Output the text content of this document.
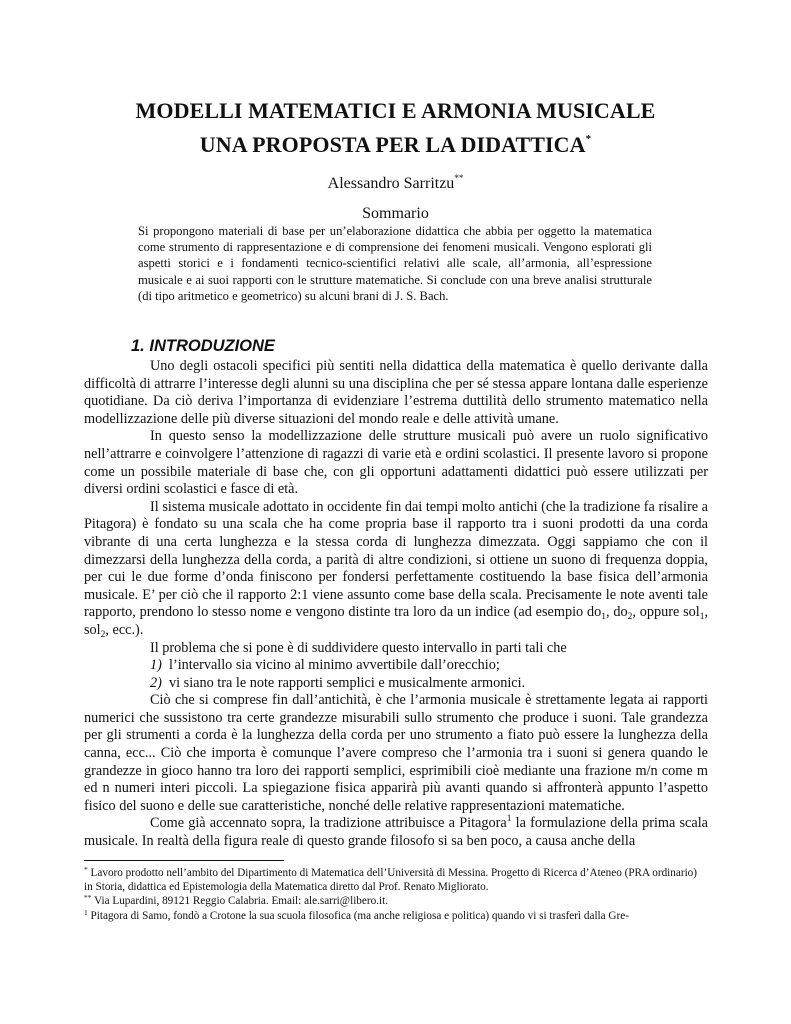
MODELLI MATEMATICI E ARMONIA MUSICALE
UNA PROPOSTA PER LA DIDATTICA*
Alessandro Sarritzu**
Sommario
Si propongono materiali di base per un’elaborazione didattica che abbia per oggetto la matematica come strumento di rappresentazione e di comprensione dei fenomeni musicali. Vengono esplorati gli aspetti storici e i fondamenti tecnico-scientifici relativi alle scale, all’armonia, all’espressione musicale e ai suoi rapporti con le strutture matematiche. Si conclude con una breve analisi strutturale (di tipo aritmetico e geometrico) su alcuni brani di J. S. Bach.
1. INTRODUZIONE

Uno degli ostacoli specifici più sentiti nella didattica della matematica è quello derivante dalla difficoltà di attrarre l’interesse degli alunni su una disciplina che per sé stessa appare lontana dalle esperienze quotidiane. Da ciò deriva l’importanza di evidenziare l’estrema duttilità dello strumento matematico nella modellizzazione delle più diverse situazioni del mondo reale e delle attività umane.

In questo senso la modellizzazione delle strutture musicali può avere un ruolo significativo nell’attrarre e coinvolgere l’attenzione di ragazzi di varie età e ordini scolastici. Il presente lavoro si propone come un possibile materiale di base che, con gli opportuni adattamenti didattici può essere utilizzati per diversi ordini scolastici e fasce di età.

Il sistema musicale adottato in occidente fin dai tempi molto antichi (che la tradizione fa risalire a Pitagora) è fondato su una scala che ha come propria base il rapporto tra i suoni prodotti da una corda vibrante di una certa lunghezza e la stessa corda di lunghezza dimezzata. Oggi sappiamo che con il dimezzarsi della lunghezza della corda, a parità di altre condizioni, si ottiene un suono di frequenza doppia, per cui le due forme d’onda finiscono per fondersi perfettamente costituendo la base fisica dell’armonia musicale. E’ per ciò che il rapporto 2:1 viene assunto come base della scala. Precisamente le note aventi tale rapporto, prendono lo stesso nome e vengono distinte tra loro da un indice (ad esempio $do_1$, $do_2$, oppure sol$_1$, sol$_2$, ecc.).

Il problema che si pone è di suddividere questo intervallo in parti tali che

1) l’intervallo sia vicino al minimo avvertibile dall’orecchio;

2) vi siano tra le note rapporti semplici e musicalmente armonici.

Ciò che si comprese fin dall’antichità, è che l’armonia musicale è strettamente legata ai rapporti numerici che sussistono tra certe grandezze misurabili sullo strumento che produce i suoni. Tale grandezza per gli strumenti a corda è la lunghezza della corda per uno strumento a fiato può essere la lunghezza della canna, ecc... Ciò che importa è comunque l’avere compreso che l’armonia tra i suoni si genera quando le grandezze in gioco hanno tra loro dei rapporti semplici, esprimibili cioè mediante una frazione m/n come m ed n numeri interi piccoli. La spiegazione fisica apparirà più avanti quando si affronterà appunto l’aspetto fisico del suono e delle sue caratteristiche, nonché delle relative rappresentazioni matematiche.

Come già accennato sopra, la tradizione attribuisce a Pitagora$^1$ la formulazione della prima scala musicale. In realtà della figura reale di questo grande filosofo si sa ben poco, a causa anche della

* Lavoro prodotto nell’ambito del Dipartimento di Matematica dell’Università di Messina. Progetto di Ricerca d’Ateneo (PRA ordinario) in Storia, didattica ed Epistemologia della Matematica diretto dal Prof. Renato Migliorato.
** Via Lupardini, 89121 Reggio Calabria. Email: ale.sarri@libero.it.
$^1$ Pitagora di Samo, fondò a Crotone la sua scuola filosofica (ma anche religiosa e politica) quando vi si trasferì dalla Gre-
